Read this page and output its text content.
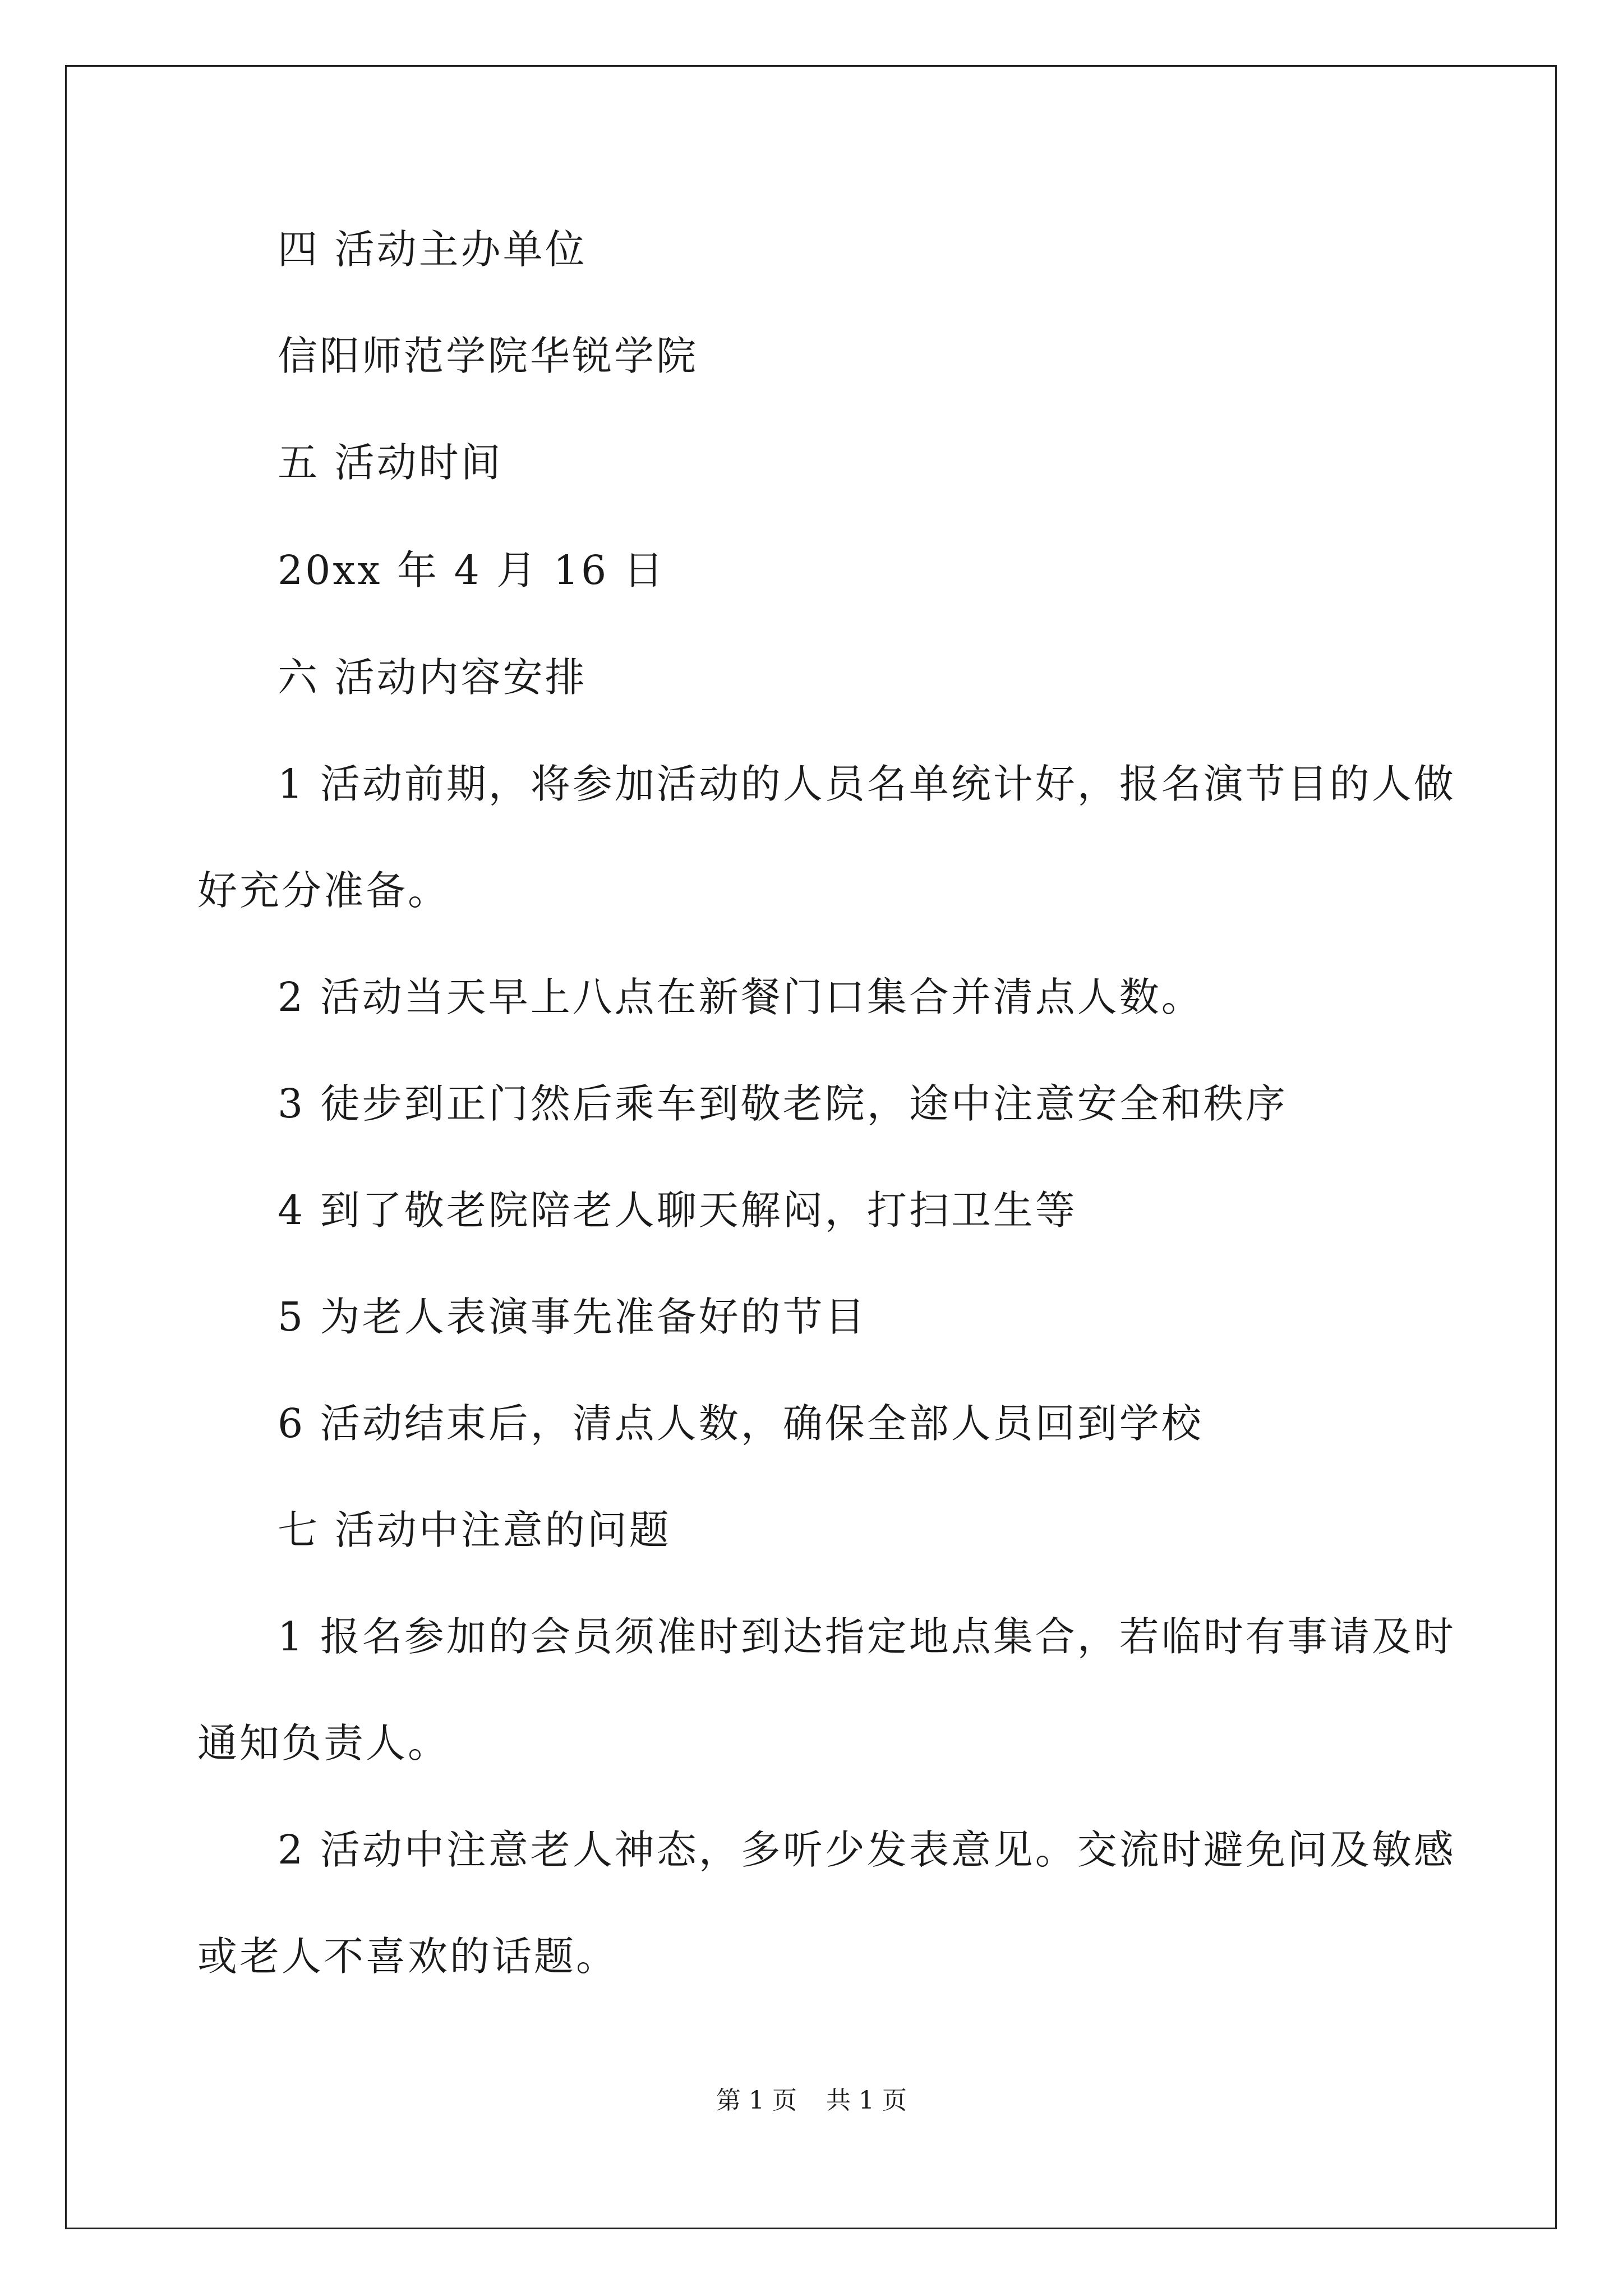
四 活动主办单位

信阳师范学院华锐学院

五 活动时间

20xx 年 4 月 16 日

六 活动内容安排

1 活动前期，将参加活动的人员名单统计好，报名演节目的人做

好充分准备。

2 活动当天早上八点在新餐门口集合并清点人数。

3 徒步到正门然后乘车到敬老院，途中注意安全和秩序

4 到了敬老院陪老人聊天解闷，打扫卫生等

5 为老人表演事先准备好的节目

6 活动结束后，清点人数，确保全部人员回到学校

七 活动中注意的问题

1 报名参加的会员须准时到达指定地点集合，若临时有事请及时

通知负责人。

2 活动中注意老人神态，多听少发表意见。交流时避免问及敏感

或老人不喜欢的话题。

第 1 页 共 1 页
